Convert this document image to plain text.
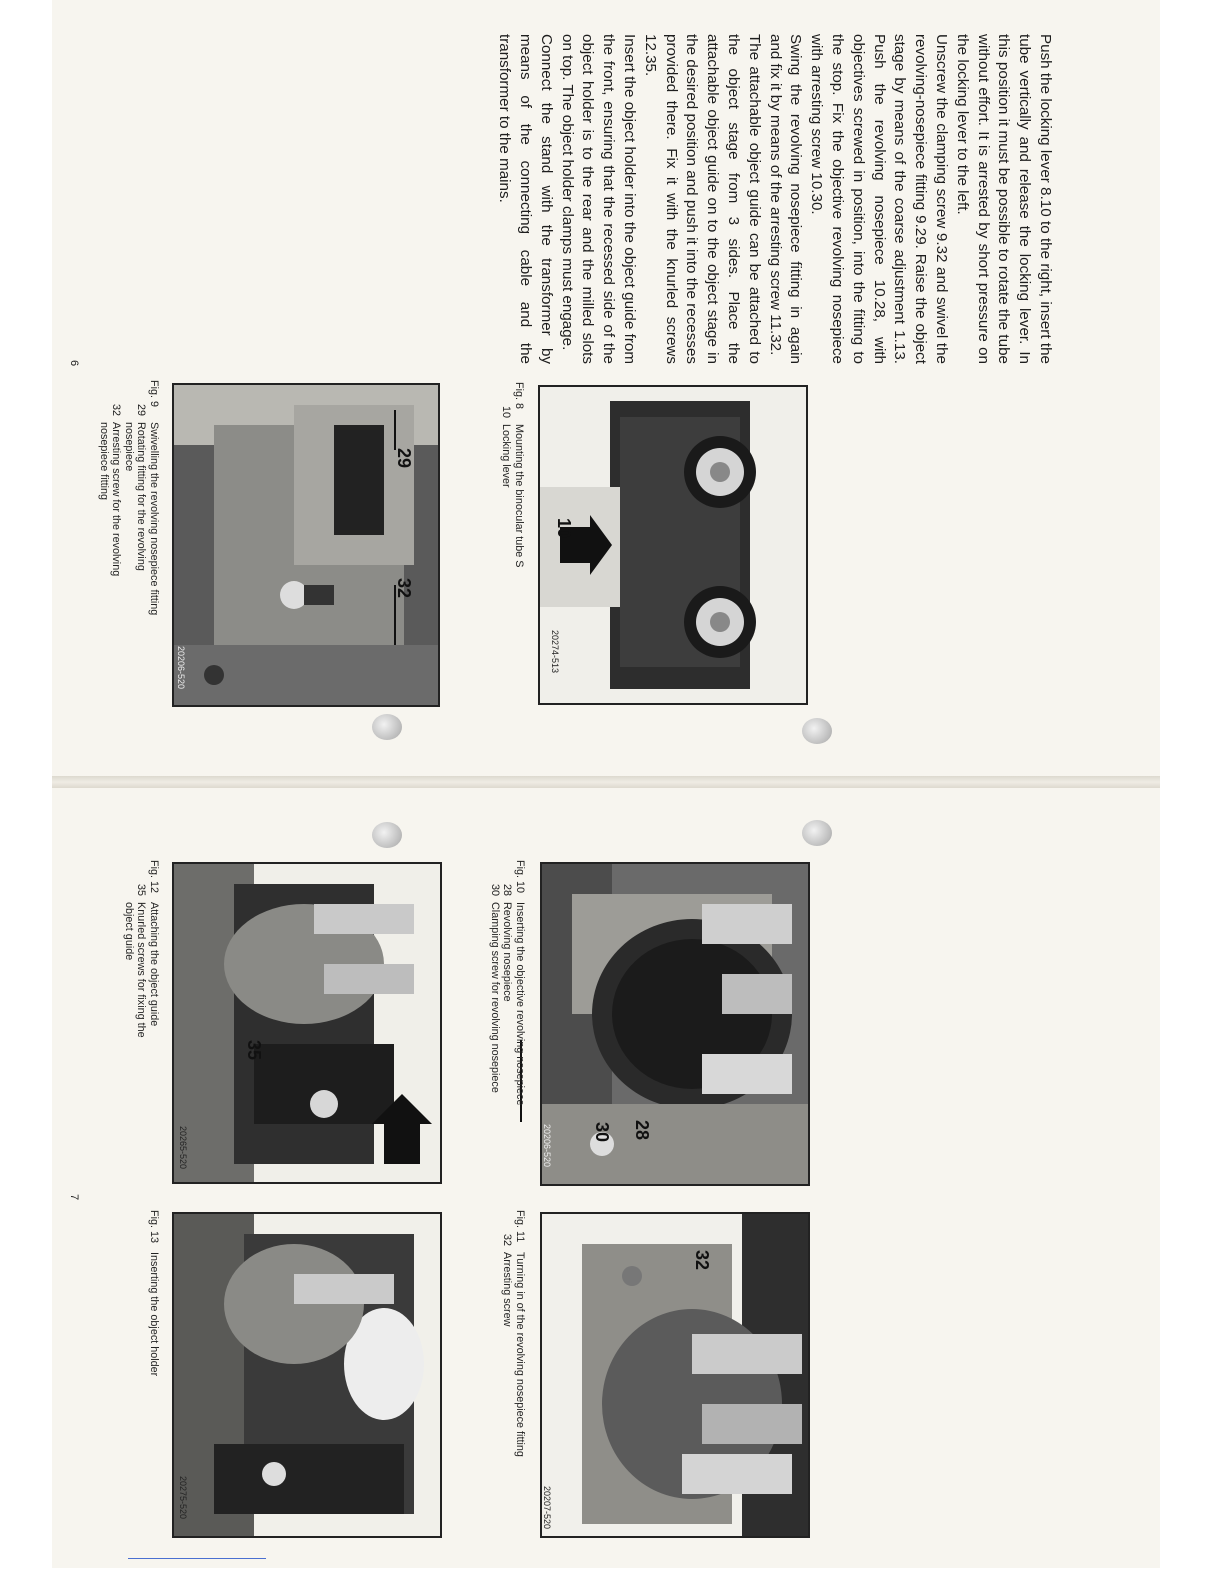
Push the locking lever 8.10 to the right, insert the tube vertically and release the locking lever. In this position it must be possible to rotate the tube without effort. It is arrested by short pressure on the locking lever to the left.

Unscrew the clamping screw 9.32 and swivel the revolving-nosepiece fitting 9.29. Raise the object stage by means of the coarse adjustment 1.13. Push the revolving nosepiece 10.28, with objectives screwed in position, into the fitting to the stop. Fix the objective revolving nosepiece with arresting screw 10.30.

Swing the revolving nosepiece fitting in again and fix it by means of the arresting screw 11.32.

The attachable object guide can be attached to the object stage from 3 sides. Place the attachable object guide on to the object stage in the desired position and push it into the recesses provided there. Fix it with the knurled screws 12.35.

Insert the object holder into the object guide from the front, ensuring that the recessed side of the object holder is to the rear and the milled slots on top. The object holder clamps must engage.

Connect the stand with the transformer by means of the connecting cable and the transformer to the mains.

10
20274-513
Fig. 8
Mounting the binocular tube S
10
Locking lever
29
32
20206-520
Fig. 9
Swivelling the revolving nosepiece fitting
29
Rotating fitting for the revolving
nosepiece
32
Arresting screw for the revolving
nosepiece fitting
6
28
30
20206-520
Fig. 10
Inserting the objective revolving nosepiece
28
Revolving nosepiece
30
Clamping screw for revolving nosepiece
32
20207-520
Fig. 11
Turning in of the revolving nosepiece fitting
32
Arresting screw
35
20265-520
Fig. 12
Attaching the object guide
35
Knurled screws for fixing the
object guide
20275-520
Fig. 13
Inserting the object holder
7
